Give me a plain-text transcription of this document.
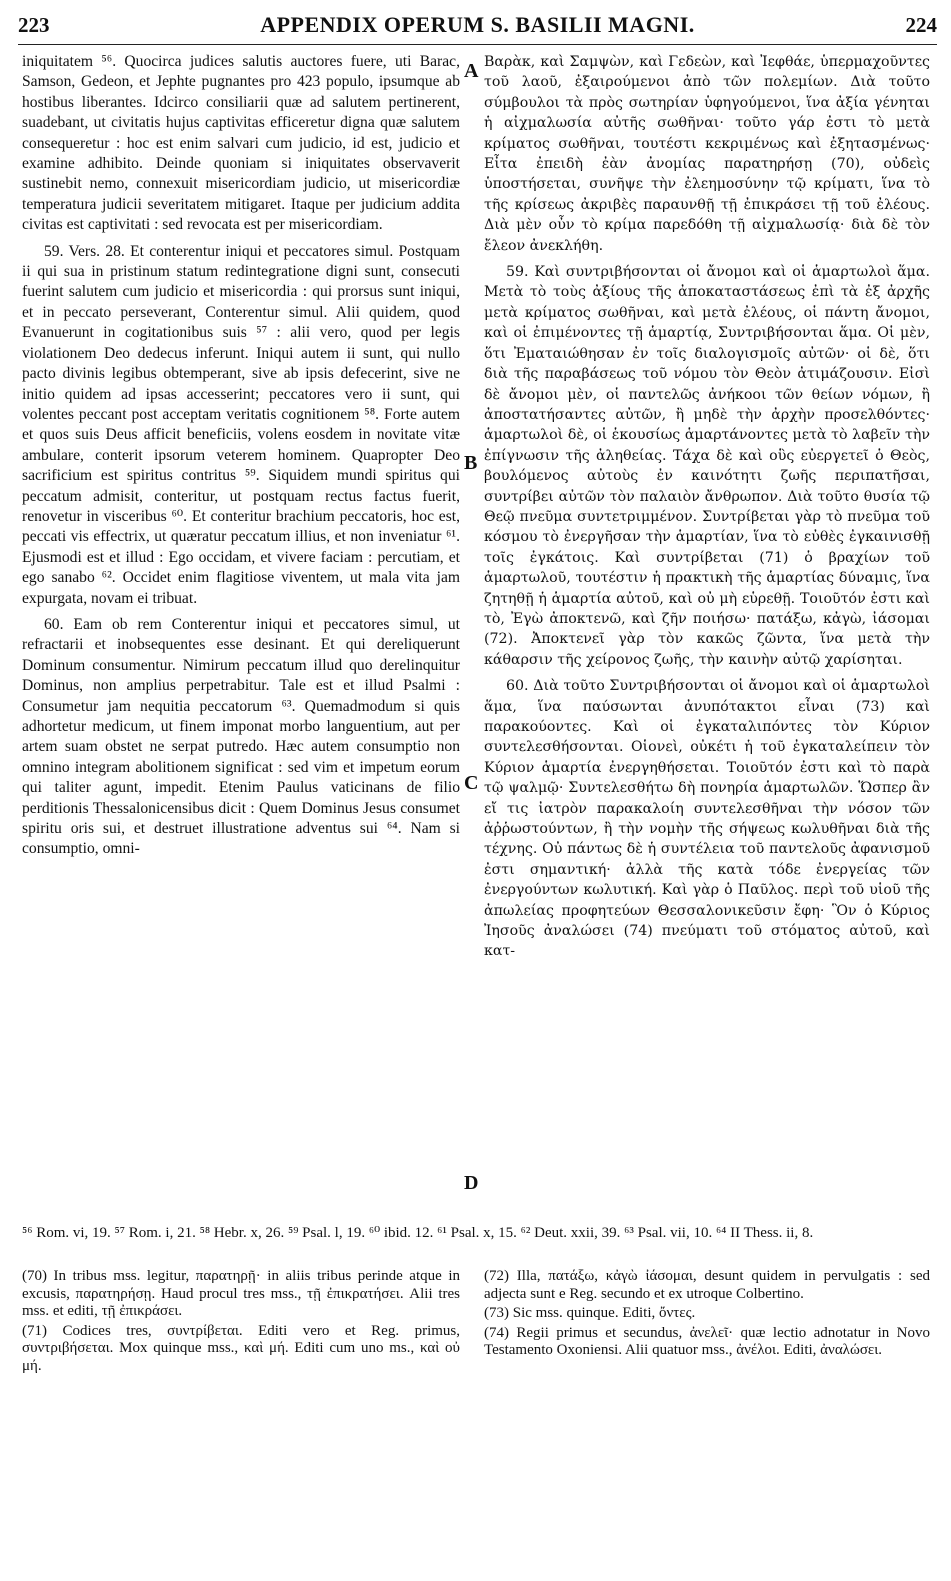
223	APPENDIX OPERUM S. BASILII MAGNI.	224

iniquitatem ⁵⁶. Quocirca judices salutis auctores fuere, uti Barac, Samson, Gedeon, et Jephte pugnantes pro 423 populo, ipsumque ab hostibus liberantes. Idcirco consiliarii quæ ad salutem pertinerent, suadebant, ut civitatis hujus captivitas efficeretur digna quæ salutem consequeretur : hoc est enim salvari cum judicio, id est, judicio et examine adhibito. Deinde quoniam si iniquitates observaverit sustinebit nemo, connexuit misericordiam judicio, ut misericordiæ temperatura judicii severitatem mitigaret. Itaque per judicium addita civitas est captivitati : sed revocata est per misericordiam.

59. Vers. 28. Et conterentur iniqui et peccatores simul. Postquam ii qui sua in pristinum statum redintegratione digni sunt, consecuti fuerint salutem cum judicio et misericordia : qui prorsus sunt iniqui, et in peccato perseverant, Conterentur simul. Alii quidem, quod Evanuerunt in cogitationibus suis ⁵⁷ : alii vero, quod per legis violationem Deo dedecus inferunt. Iniqui autem ii sunt, qui nullo pacto divinis legibus obtemperant, sive ab ipsis defecerint, sive ne initio quidem ad ipsas accesserint; peccatores vero ii sunt, qui volentes peccant post acceptam veritatis cognitionem ⁵⁸. Forte autem et quos suis Deus afficit beneficiis, volens eosdem in novitate vitæ ambulare, conterit ipsorum veterem hominem. Quapropter Deo sacrificium est spiritus contritus ⁵⁹. Siquidem mundi spiritus qui peccatum admisit, conteritur, ut postquam rectus factus fuerit, renovetur in visceribus ⁶⁰. Et conteritur brachium peccatoris, hoc est, peccati vis effectrix, ut quæratur peccatum illius, et non inveniatur ⁶¹. Ejusmodi est et illud : Ego occidam, et vivere faciam : percutiam, et ego sanabo ⁶². Occidet enim flagitiose viventem, ut mala vita jam expurgata, novam ei tribuat.

60. Eam ob rem Conterentur iniqui et peccatores simul, ut refractarii et inobsequentes esse desinant. Et qui dereliquerunt Dominum consumentur. Nimirum peccatum illud quo derelinquitur Dominus, non amplius perpetrabitur. Tale est et illud Psalmi : Consumetur jam nequitia peccatorum ⁶³. Quemadmodum si quis adhortetur medicum, ut finem imponat morbo languentium, aut per artem suam obstet ne serpat putredo. Hæc autem consumptio non omnino integram abolitionem significat : sed vim et impetum eorum qui taliter agunt, impedit. Etenim Paulus vaticinans de filio perditionis Thessalonicensibus dicit : Quem Dominus Jesus consumet spiritu oris sui, et destruet illustratione adventus sui ⁶⁴. Nam si consumptio, omni-

A
B
C
D

Βαρὰκ, καὶ Σαμψὼν, καὶ Γεδεὼν, καὶ Ἰεφθάε, ὑπερμαχοῦντες τοῦ λαοῦ, ἐξαιρούμενοι ἀπὸ τῶν πολεμίων. Διὰ τοῦτο σύμβουλοι τὰ πρὸς σωτηρίαν ὑφηγούμενοι, ἵνα ἀξία γένηται ἡ αἰχμαλωσία αὐτῆς σωθῆναι· τοῦτο γάρ ἐστι τὸ μετὰ κρίματος σωθῆναι, τουτέστι κεκριμένως καὶ ἐξητασμένως· Εἶτα ἐπειδὴ ἐὰν ἀνομίας παρατηρήσῃ (70), οὐδεὶς ὑποστήσεται, συνῆψε τὴν ἐλεημοσύνην τῷ κρίματι, ἵνα τὸ τῆς κρίσεως ἀκριβὲς παραυνθῇ τῇ ἐπικράσει τῇ τοῦ ἐλέους. Διὰ μὲν οὖν τὸ κρίμα παρεδόθη τῇ αἰχμαλωσίᾳ· διὰ δὲ τὸν ἔλεον ἀνεκλήθη.

59. Καὶ συντριβήσονται οἱ ἄνομοι καὶ οἱ ἁμαρτωλοὶ ἅμα. Μετὰ τὸ τοὺς ἀξίους τῆς ἀποκαταστάσεως ἐπὶ τὰ ἐξ ἀρχῆς μετὰ κρίματος σωθῆναι, καὶ μετὰ ἐλέους, οἱ πάντη ἄνομοι, καὶ οἱ ἐπιμένοντες τῇ ἁμαρτίᾳ, Συντριβήσονται ἅμα. Οἱ μὲν, ὅτι Ἐματαιώθησαν ἐν τοῖς διαλογισμοῖς αὐτῶν· οἱ δὲ, ὅτι διὰ τῆς παραβάσεως τοῦ νόμου τὸν Θεὸν ἀτιμάζουσιν. Εἰσὶ δὲ ἄνομοι μὲν, οἱ παντελῶς ἀνήκοοι τῶν θείων νόμων, ἢ ἀποστατήσαντες αὐτῶν, ἢ μηδὲ τὴν ἀρχὴν προσελθόντες· ἁμαρτωλοὶ δὲ, οἱ ἑκουσίως ἁμαρτάνοντες μετὰ τὸ λαβεῖν τὴν ἐπίγνωσιν τῆς ἀληθείας. Τάχα δὲ καὶ οὓς εὐεργετεῖ ὁ Θεὸς, βουλόμενος αὐτοὺς ἐν καινότητι ζωῆς περιπατῆσαι, συντρίβει αὐτῶν τὸν παλαιὸν ἄνθρωπον. Διὰ τοῦτο θυσία τῷ Θεῷ πνεῦμα συντετριμμένον. Συντρίβεται γὰρ τὸ πνεῦμα τοῦ κόσμου τὸ ἐνεργῆσαν τὴν ἁμαρτίαν, ἵνα τὸ εὐθὲς ἐγκαινισθῇ τοῖς ἐγκάτοις. Καὶ συντρίβεται (71) ὁ βραχίων τοῦ ἁμαρτωλοῦ, τουτέστιν ἡ πρακτικὴ τῆς ἁμαρτίας δύναμις, ἵνα ζητηθῇ ἡ ἁμαρτία αὐτοῦ, καὶ οὐ μὴ εὑρεθῇ. Τοιοῦτόν ἐστι καὶ τὸ, Ἐγὼ ἀποκτενῶ, καὶ ζῆν ποιήσω· πατάξω, κἀγὼ, ἰάσομαι (72). Ἀποκτενεῖ γὰρ τὸν κακῶς ζῶντα, ἵνα μετὰ τὴν κάθαρσιν τῆς χείρονος ζωῆς, τὴν καινὴν αὐτῷ χαρίσηται.

60. Διὰ τοῦτο Συντριβήσονται οἱ ἄνομοι καὶ οἱ ἁμαρτωλοὶ ἅμα, ἵνα παύσωνται ἀνυπότακτοι εἶναι (73) καὶ παρακούοντες. Καὶ οἱ ἐγκαταλιπόντες τὸν Κύριον συντελεσθήσονται. Οἱονεὶ, οὐκέτι ἡ τοῦ ἐγκαταλείπειν τὸν Κύριον ἁμαρτία ἐνεργηθήσεται. Τοιοῦτόν ἐστι καὶ τὸ παρὰ τῷ ψαλμῷ· Συντελεσθήτω δὴ πονηρία ἁμαρτωλῶν. Ὥσπερ ἂν εἴ τις ἰατρὸν παρακαλοίη συντελεσθῆναι τὴν νόσον τῶν ἀῤῥωστούντων, ἢ τὴν νομὴν τῆς σήψεως κωλυθῆναι διὰ τῆς τέχνης. Οὐ πάντως δὲ ἡ συντέλεια τοῦ παντελοῦς ἀφανισμοῦ ἐστι σημαντική· ἀλλὰ τῆς κατὰ τόδε ἐνεργείας τῶν ἐνεργούντων κωλυτική. Καὶ γὰρ ὁ Παῦλος. περὶ τοῦ υἱοῦ τῆς ἀπωλείας προφητεύων Θεσσαλονικεῦσιν ἔφη· Ὃν ὁ Κύριος Ἰησοῦς ἀναλώσει (74) πνεύματι τοῦ στόματος αὐτοῦ, καὶ κατ-

⁵⁶ Rom. vi, 19. ⁵⁷ Rom. i, 21. ⁵⁸ Hebr. x, 26. ⁵⁹ Psal. l, 19. ⁶⁰ ibid. 12. ⁶¹ Psal. x, 15. ⁶² Deut. xxii, 39. ⁶³ Psal. vii, 10. ⁶⁴ II Thess. ii, 8.

(70) In tribus mss. legitur, παρατηρῇ· in aliis tribus perinde atque in excusis, παρατηρήσῃ. Haud procul tres mss., τῇ ἐπικρατήσει. Alii tres mss. et editi, τῇ ἐπικράσει.

(71) Codices tres, συντρίβεται. Editi vero et Reg. primus, συντριβήσεται. Mox quinque mss., καὶ μή. Editi cum uno ms., καὶ οὐ μή.

(72) Illa, πατάξω, κἀγὼ ἰάσομαι, desunt quidem in pervulgatis : sed adjecta sunt e Reg. secundo et ex utroque Colbertino.

(73) Sic mss. quinque. Editi, ὄντες.

(74) Regii primus et secundus, ἀνελεῖ· quæ lectio adnotatur in Novo Testamento Oxoniensi. Alii quatuor mss., ἀνέλοι. Editi, ἀναλώσει.
